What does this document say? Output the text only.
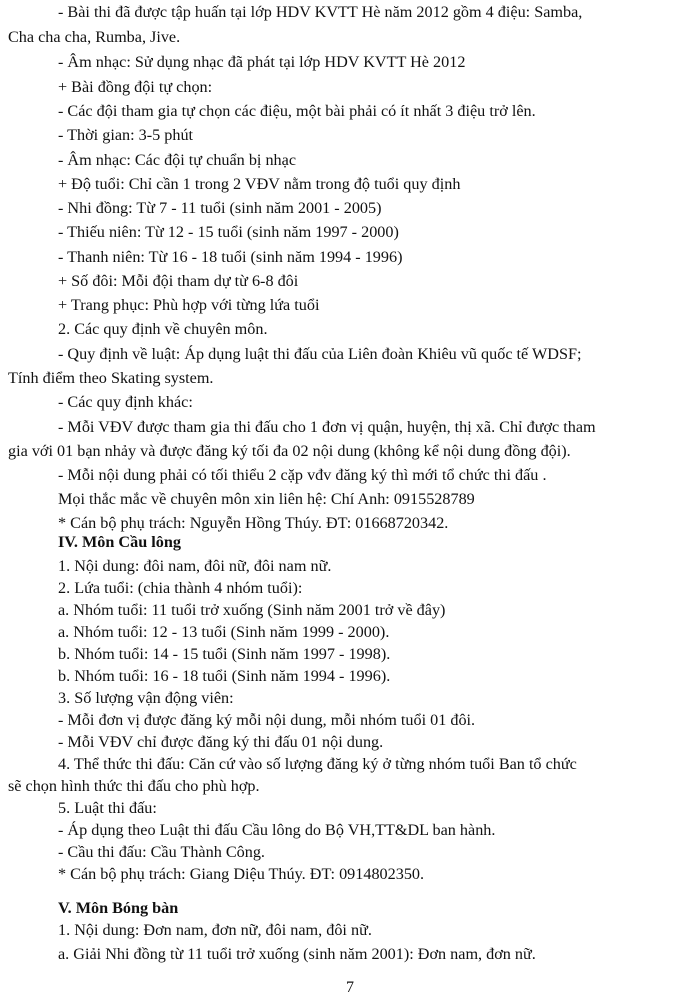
- Bài thi đã được tập huấn tại lớp HDV KVTT Hè năm 2012 gồm 4 điệu: Samba,
Cha cha cha, Rumba, Jive.
- Âm nhạc: Sử dụng nhạc đã phát tại lớp HDV KVTT Hè 2012
+ Bài đồng đội tự chọn:
- Các đội tham gia tự chọn các điệu, một bài phải có ít nhất 3 điệu trở lên.
- Thời gian: 3-5 phút
- Âm nhạc: Các đội tự chuẩn bị nhạc
+ Độ tuổi: Chỉ cần 1 trong 2 VĐV nằm trong độ tuổi quy định
- Nhi đồng: Từ 7 - 11 tuổi (sinh năm 2001 - 2005)
- Thiếu niên: Từ 12 - 15 tuổi (sinh năm 1997 - 2000)
- Thanh niên: Từ 16 - 18 tuổi (sinh năm 1994 - 1996)
+ Số đôi: Mỗi đội tham dự từ 6-8 đôi
+ Trang phục: Phù hợp với từng lứa tuổi
2. Các quy định về chuyên môn.
- Quy định về luật: Áp dụng luật thi đấu của Liên đoàn Khiêu vũ quốc tế WDSF;
Tính điểm theo Skating system.
- Các quy định khác:
- Mỗi VĐV được tham gia thi đấu cho 1 đơn vị quận, huyện, thị xã. Chỉ được tham
gia với 01 bạn nhảy và được đăng ký tối đa 02 nội dung (không kể nội dung đồng đội).
- Mỗi nội dung phải có tối thiểu 2 cặp vđv đăng ký thì mới tổ chức thi đấu .
Mọi thắc mắc về chuyên môn xin liên hệ: Chí Anh: 0915528789
* Cán bộ phụ trách: Nguyễn Hồng Thúy. ĐT: 01668720342.
IV. Môn Cầu lông
1. Nội dung: đôi nam, đôi nữ, đôi nam nữ.
2. Lứa tuổi: (chia thành 4 nhóm tuổi):
a. Nhóm tuổi: 11 tuổi trở xuống (Sinh năm 2001 trở về đây)
a. Nhóm tuổi: 12 - 13 tuổi (Sinh năm 1999 - 2000).
b. Nhóm tuổi: 14 - 15 tuổi (Sinh năm 1997 - 1998).
b. Nhóm tuổi: 16 - 18 tuổi (Sinh năm 1994 - 1996).
3. Số lượng vận động viên:
- Mỗi đơn vị được đăng ký mỗi nội dung, mỗi nhóm tuổi 01 đôi.
- Mỗi VĐV chỉ được đăng ký thi đấu 01 nội dung.
4. Thể thức thi đấu: Căn cứ vào số lượng đăng ký ở từng nhóm tuổi Ban tổ chức
sẽ chọn hình thức thi đấu cho phù hợp.
5. Luật thi đấu:
- Áp dụng theo Luật thi đấu Cầu lông do Bộ VH,TT&DL ban hành.
- Cầu thi đấu: Cầu Thành Công.
* Cán bộ phụ trách: Giang Diệu Thúy. ĐT: 0914802350.
V. Môn Bóng bàn
1. Nội dung: Đơn nam, đơn nữ, đôi nam, đôi nữ.
a. Giải Nhi đồng từ 11 tuổi trở xuống (sinh năm 2001): Đơn nam, đơn nữ.
7
